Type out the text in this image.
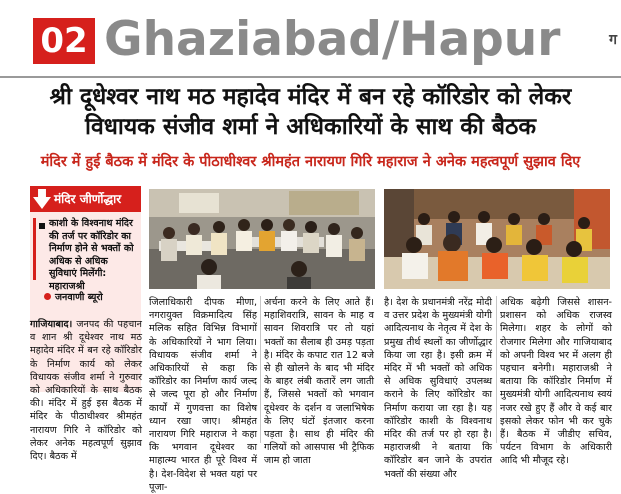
02 Ghaziabad/Hapur	ग
श्री दूधेश्वर नाथ मठ महादेव मंदिर में बन रहे कॉरिडोर को लेकर
विधायक संजीव शर्मा ने अधिकारियों के साथ की बैठक
मंदिर में हुई बैठक में मंदिर के पीठाधीश्वर श्रीमहंत नारायण गिरि महाराज ने अनेक महत्वपूर्ण सुझाव दिए
मंदिर जीर्णोद्धार

काशी के विश्वनाथ मंदिर की तर्ज पर कॉरिडोर का निर्माण होने से भक्तों को अधिक से अधिक सुविधाएं मिलेंगी: महाराजश्री

जनवाणी ब्यूरो
गाजियाबाद। जनपद की पहचान व शान श्री दूधेश्वर नाथ मठ महादेव मंदिर में बन रहे कॉरिडोर के निर्माण कार्य को लेकर विधायक संजीव शर्मा ने गुरुवार को अधिकारियों के साथ बैठक की। मंदिर में हुई इस बैठक में मंदिर के पीठाधीश्वर श्रीमहंत नारायण गिरि ने कॉरिडोर को लेकर अनेक महत्वपूर्ण सुझाव दिए। बैठक में
जिलाधिकारी दीपक मीणा, नगरायुक्त विक्रमादित्य सिंह मलिक सहित विभिन्न विभागों के अधिकारियों ने भाग लिया। विधायक संजीव शर्मा ने अधिकारियों से कहा कि कॉरिडोर का निर्माण कार्य जल्द से जल्द पूरा हो और निर्माण कार्यों में गुणवत्ता का विशेष ध्यान रखा जाए। श्रीमहंत नारायण गिरि महाराज ने कहा कि भगवान दूधेश्वर का माहात्म्य भारत ही पूरे विश्व में है। देश-विदेश से भक्त यहां पर पूजा-
अर्चना करने के लिए आते हैं। महाशिवरात्रि, सावन के माह व सावन शिवरात्रि पर तो यहां भक्तों का सैलाब ही उमड़ पड़ता है। मंदिर के कपाट रात 12 बजे से ही खोलने के बाद भी मंदिर के बाहर लंबी कतारें लग जाती हैं, जिससे भक्तों को भगवान दूधेश्वर के दर्शन व जलाभिषेक के लिए घंटों इंतजार करना पड़ता है। साथ ही मंदिर की गलियों को आसपास भी ट्रैफिक जाम हो जाता
है। देश के प्रधानमंत्री नरेंद्र मोदी व उत्तर प्रदेश के मुख्यमंत्री योगी आदित्यनाथ के नेतृत्व में देश के प्रमुख तीर्थ स्थलों का जीर्णोद्धार किया जा रहा है। इसी क्रम में मंदिर में भी भक्तों को अधिक से अधिक सुविधाएं उपलब्ध कराने के लिए कॉरिडोर का निर्माण कराया जा रहा है। यह कॉरिडोर काशी के विश्वनाथ मंदिर की तर्ज पर हो रहा है। महाराजश्री ने बताया कि कॉरिडोर बन जाने के उपरांत भक्तों की संख्या और
अधिक बढ़ेगी जिससे शासन-प्रशासन को अधिक राजस्व मिलेगा। शहर के लोगों को रोजगार मिलेगा और गाजियाबाद को अपनी विश्व भर में अलग ही पहचान बनेगी। महाराजश्री ने बताया कि कॉरिडोर निर्माण में मुख्यमंत्री योगी आदित्यनाथ स्वयं नजर रखे हुए हैं और वे कई बार इसको लेकर फोन भी कर चुके हैं। बैठक में जीडीए सचिव, पर्यटन विभाग के अधिकारी आदि भी मौजूद रहे।
